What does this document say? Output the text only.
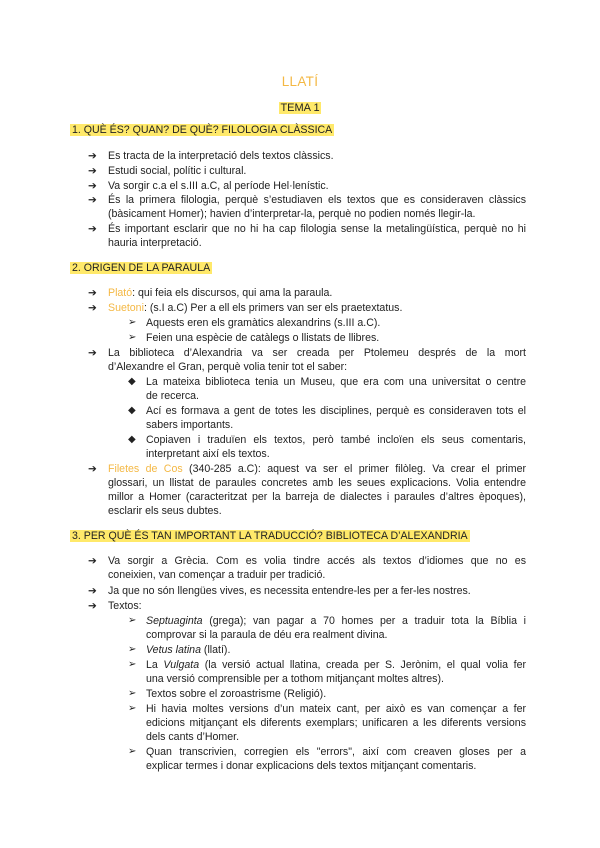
LLATÍ
TEMA 1
1. QUÈ ÉS? QUAN? DE QUÈ? FILOLOGIA CLÀSSICA
➔ Es tracta de la interpretació dels textos clàssics.
➔ Estudi social, polític i cultural.
➔ Va sorgir c.a el s.III a.C, al període Hel·lenístic.
➔ És la primera filologia, perquè s’estudiaven els textos que es consideraven clàssics
(bàsicament Homer); havien d’interpretar-la, perquè no podien només llegir-la.
➔ És important esclarir que no hi ha cap filologia sense la metalingüística, perquè no hi
hauria interpretació.
2. ORIGEN DE LA PARAULA
➔ Plató: qui feia els discursos, qui ama la paraula.
➔ Suetoni: (s.I a.C) Per a ell els primers van ser els praetextatus.
➢ Aquests eren els gramàtics alexandrins (s.III a.C).
➢ Feien una espècie de catàlegs o llistats de llibres.
➔ La biblioteca d’Alexandria va ser creada per Ptolemeu després de la mort
d’Alexandre el Gran, perquè volia tenir tot el saber:
◆ La mateixa biblioteca tenia un Museu, que era com una universitat o centre
de recerca.
◆ Ací es formava a gent de totes les disciplines, perquè es consideraven tots el
sabers importants.
◆ Copiaven i traduïen els textos, però també incloïen els seus comentaris,
interpretant així els textos.
➔ Filetes de Cos (340-285 a.C): aquest va ser el primer filòleg. Va crear el primer
glossari, un llistat de paraules concretes amb les seues explicacions. Volia entendre
millor a Homer (caracteritzat per la barreja de dialectes i paraules d’altres èpoques),
esclarir els seus dubtes.
3. PER QUÈ ÉS TAN IMPORTANT LA TRADUCCIÓ? BIBLIOTECA D’ALEXANDRIA
➔ Va sorgir a Grècia. Com es volia tindre accés als textos d’idiomes que no es
coneixien, van començar a traduir per tradició.
➔ Ja que no són llengües vives, es necessita entendre-les per a fer-les nostres.
➔ Textos:
➢ Septuaginta (grega); van pagar a 70 homes per a traduir tota la Bíblia i
comprovar si la paraula de déu era realment divina.
➢ Vetus latina (llatí).
➢ La Vulgata (la versió actual llatina, creada per S. Jerònim, el qual volia fer
una versió comprensible per a tothom mitjançant moltes altres).
➢ Textos sobre el zoroastrisme (Religió).
➢ Hi havia moltes versions d’un mateix cant, per això es van començar a fer
edicions mitjançant els diferents exemplars; unificaren a les diferents versions
dels cants d’Homer.
➢ Quan transcrivien, corregien els "errors", així com creaven gloses per a
explicar termes i donar explicacions dels textos mitjançant comentaris.
